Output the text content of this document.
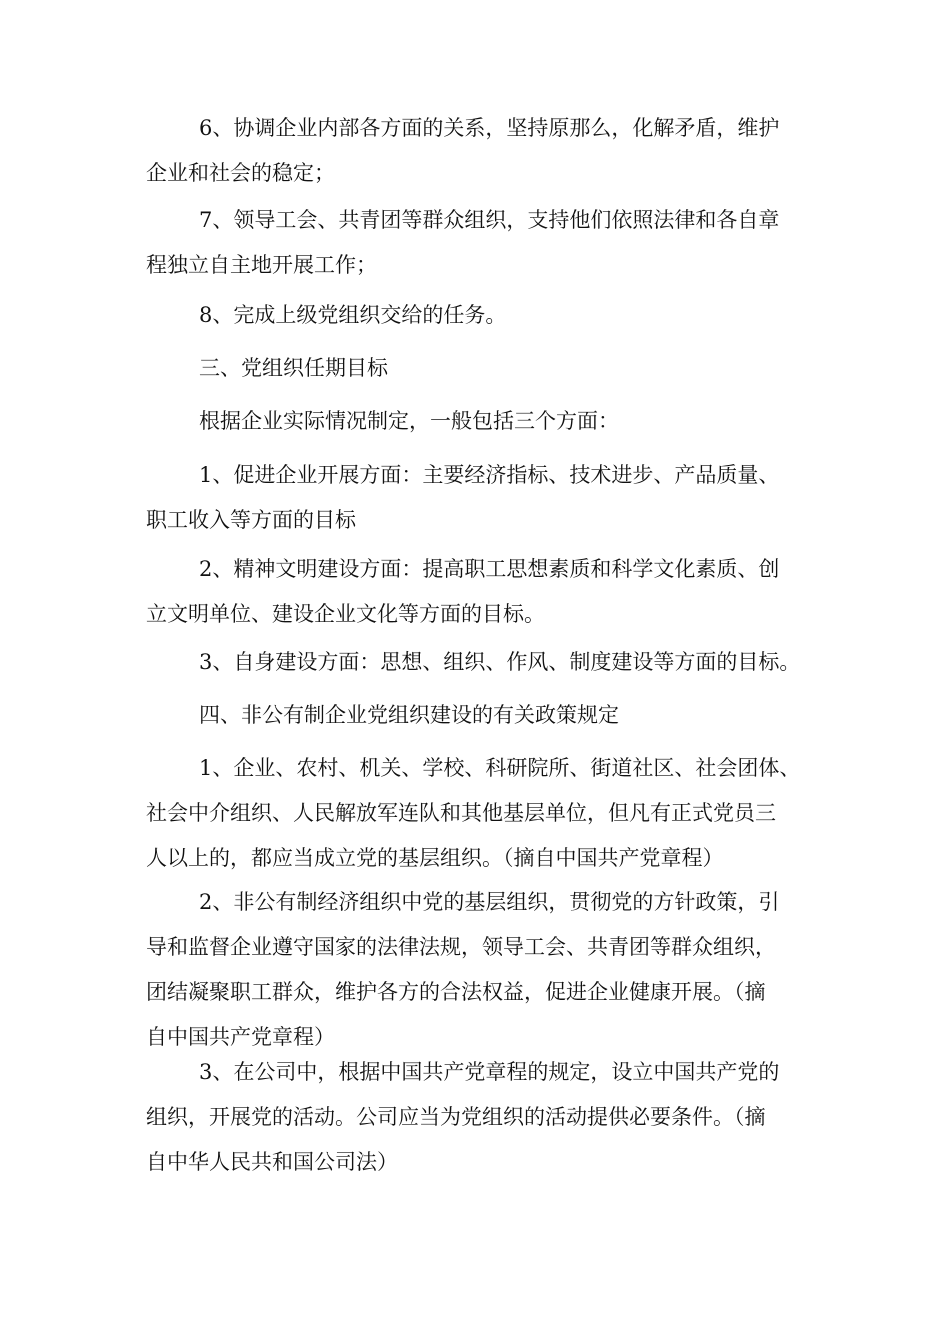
6、协调企业内部各方面的关系，坚持原那么，化解矛盾，维护
企业和社会的稳定；

7、领导工会、共青团等群众组织，支持他们依照法律和各自章
程独立自主地开展工作；

8、完成上级党组织交给的任务。

三、党组织任期目标

根据企业实际情况制定，一般包括三个方面：

1、促进企业开展方面：主要经济指标、技术进步、产品质量、
职工收入等方面的目标

2、精神文明建设方面：提高职工思想素质和科学文化素质、创
立文明单位、建设企业文化等方面的目标。

3、自身建设方面：思想、组织、作风、制度建设等方面的目标。

四、非公有制企业党组织建设的有关政策规定

1、企业、农村、机关、学校、科研院所、街道社区、社会团体、
社会中介组织、人民解放军连队和其他基层单位，但凡有正式党员三
人以上的，都应当成立党的基层组织。（摘自中国共产党章程）

2、非公有制经济组织中党的基层组织，贯彻党的方针政策，引
导和监督企业遵守国家的法律法规，领导工会、共青团等群众组织，
团结凝聚职工群众，维护各方的合法权益，促进企业健康开展。（摘
自中国共产党章程）

3、在公司中，根据中国共产党章程的规定，设立中国共产党的
组织，开展党的活动。公司应当为党组织的活动提供必要条件。（摘
自中华人民共和国公司法）
